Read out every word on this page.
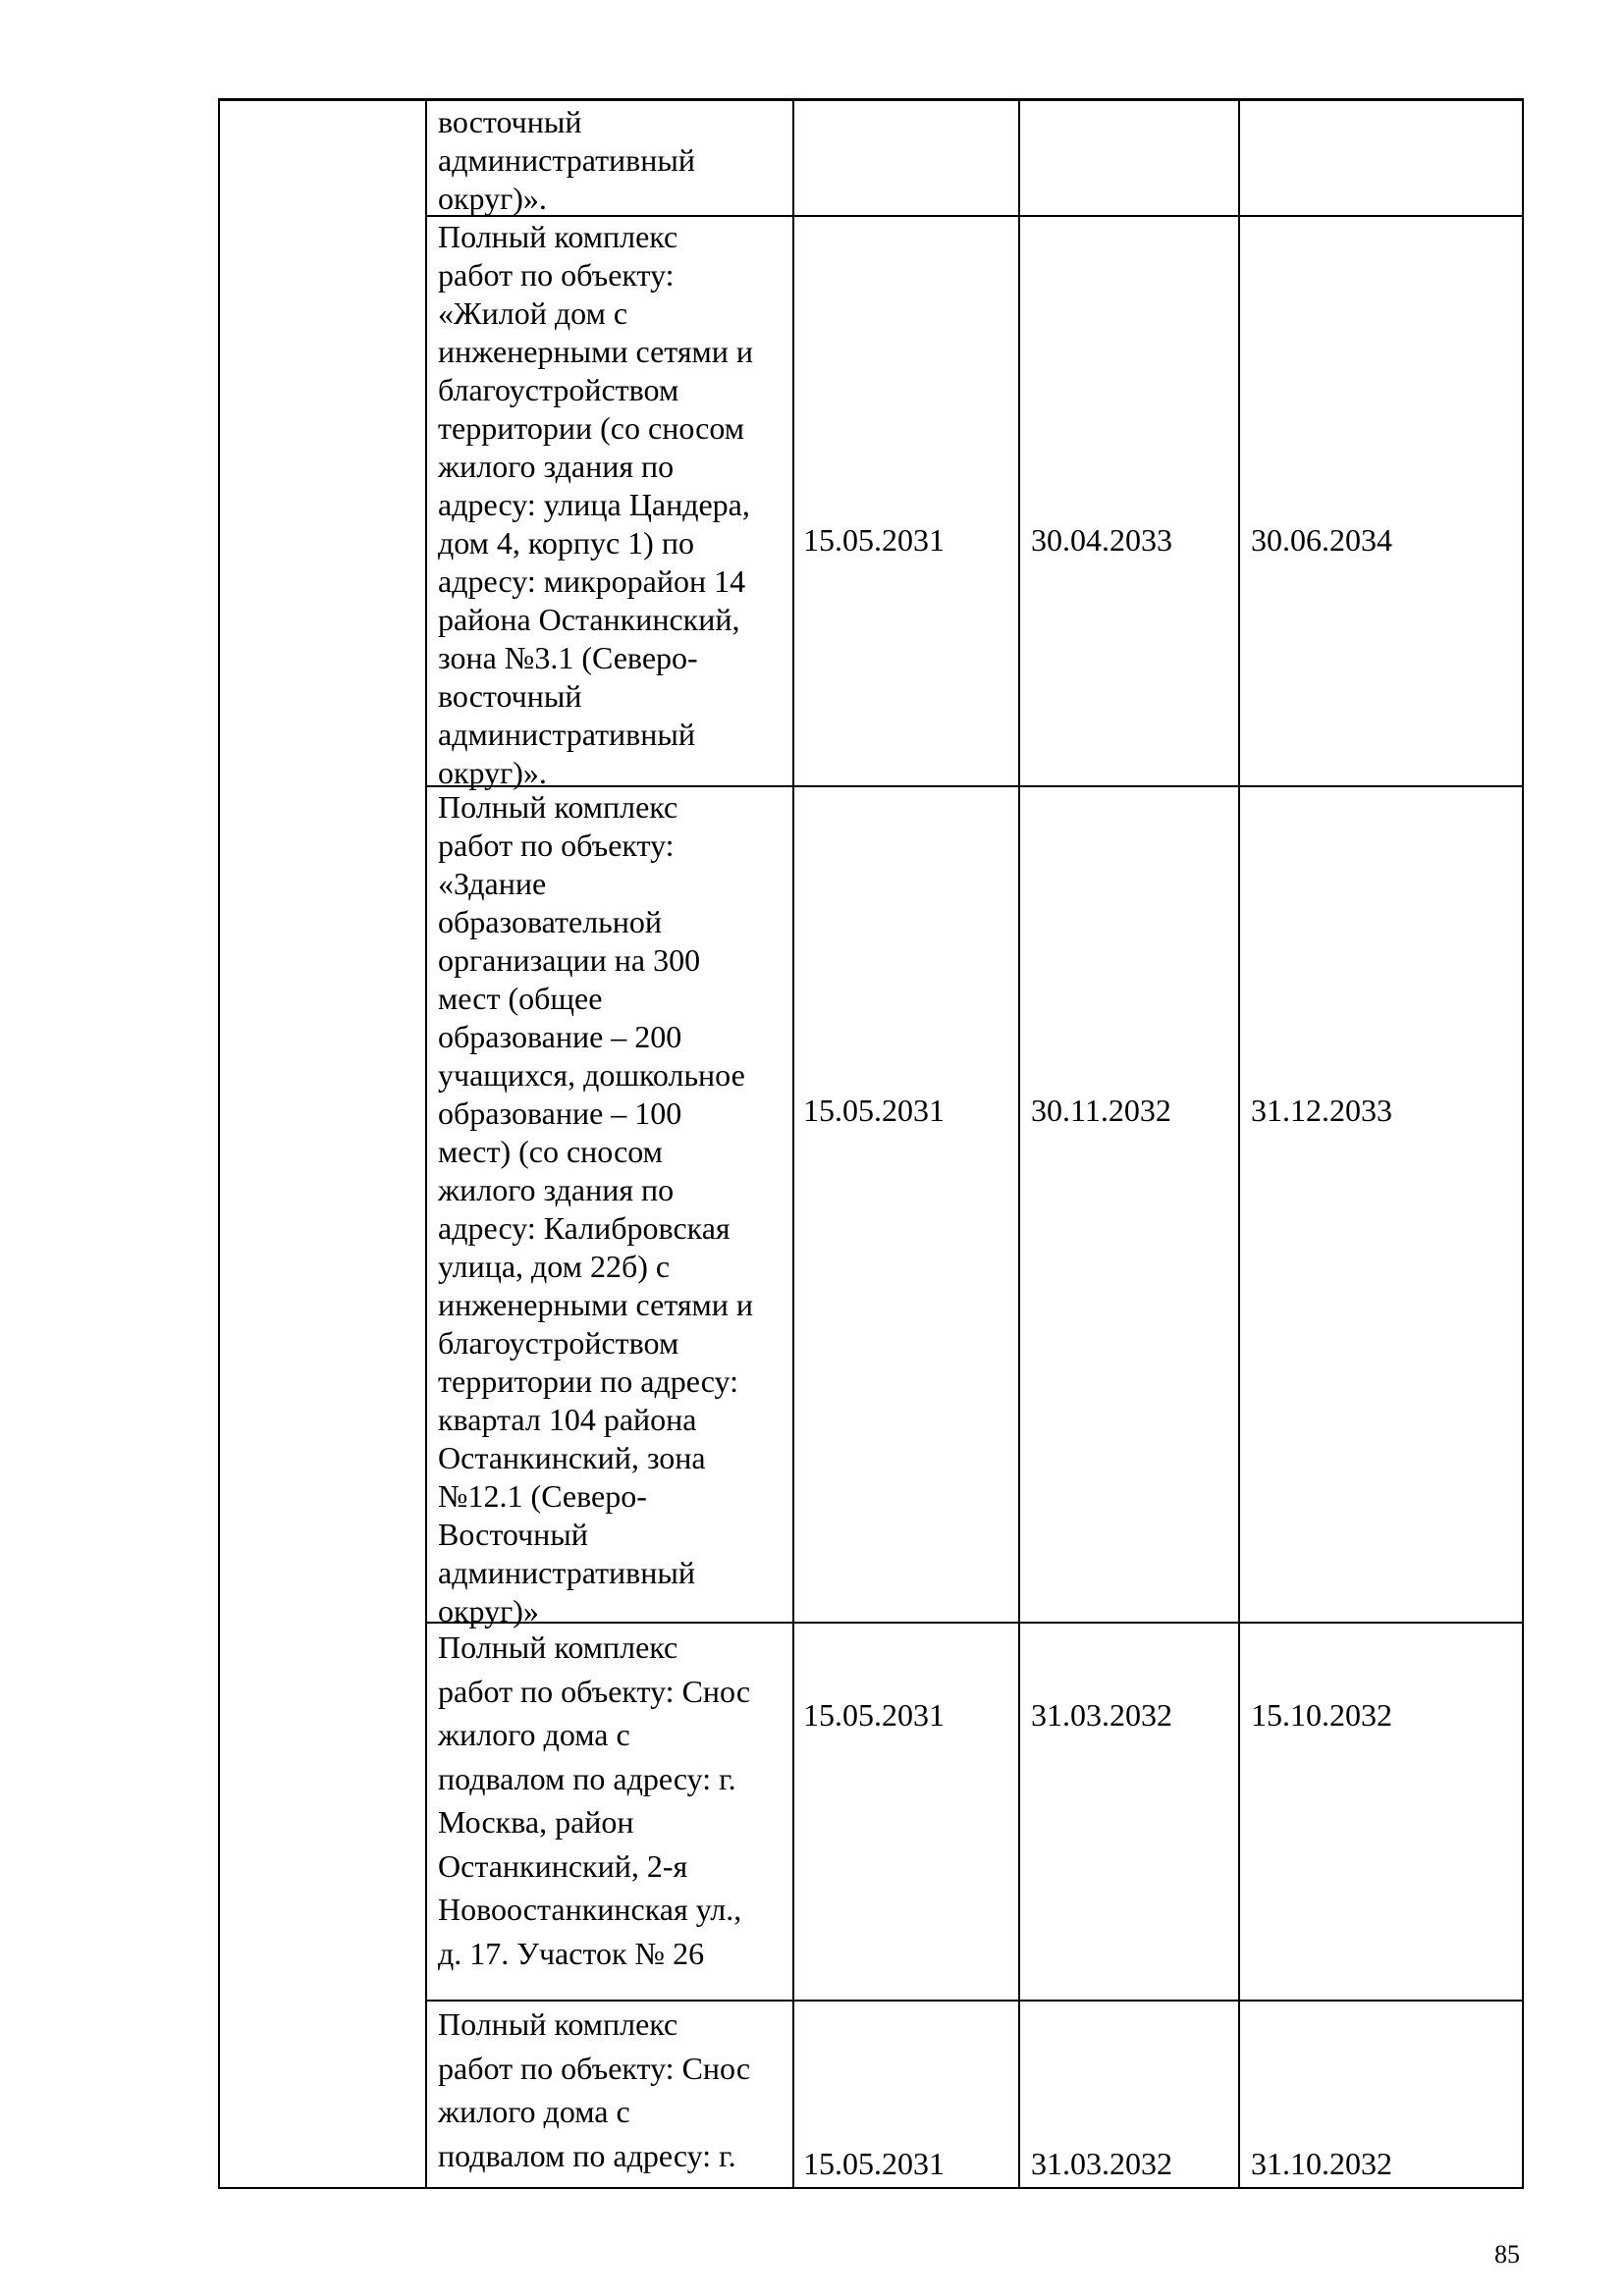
восточный
административный
округ)».
Полный комплекс
работ по объекту:
«Жилой дом с
инженерными сетями и
благоустройством
территории (со сносом
жилого здания по
адресу: улица Цандера,
дом 4, корпус 1) по
адресу: микрорайон 14
района Останкинский,
зона №3.1 (Северо-
восточный
административный
округ)».
15.05.2031	30.04.2033	30.06.2034
Полный комплекс
работ по объекту:
«Здание
образовательной
организации на 300
мест (общее
образование – 200
учащихся, дошкольное
образование – 100
мест) (со сносом
жилого здания по
адресу: Калибровская
улица, дом 22б) с
инженерными сетями и
благоустройством
территории по адресу:
квартал 104 района
Останкинский, зона
№12.1 (Северо-
Восточный
административный
округ)»
15.05.2031	30.11.2032	31.12.2033
Полный комплекс
работ по объекту: Снос
жилого дома с
подвалом по адресу: г.
Москва, район
Останкинский, 2-я
Новоостанкинская ул.,
д. 17. Участок № 26
15.05.2031	31.03.2032	15.10.2032
Полный комплекс
работ по объекту: Снос
жилого дома с
подвалом по адресу: г.	15.05.2031	31.03.2032	31.10.2032
85
